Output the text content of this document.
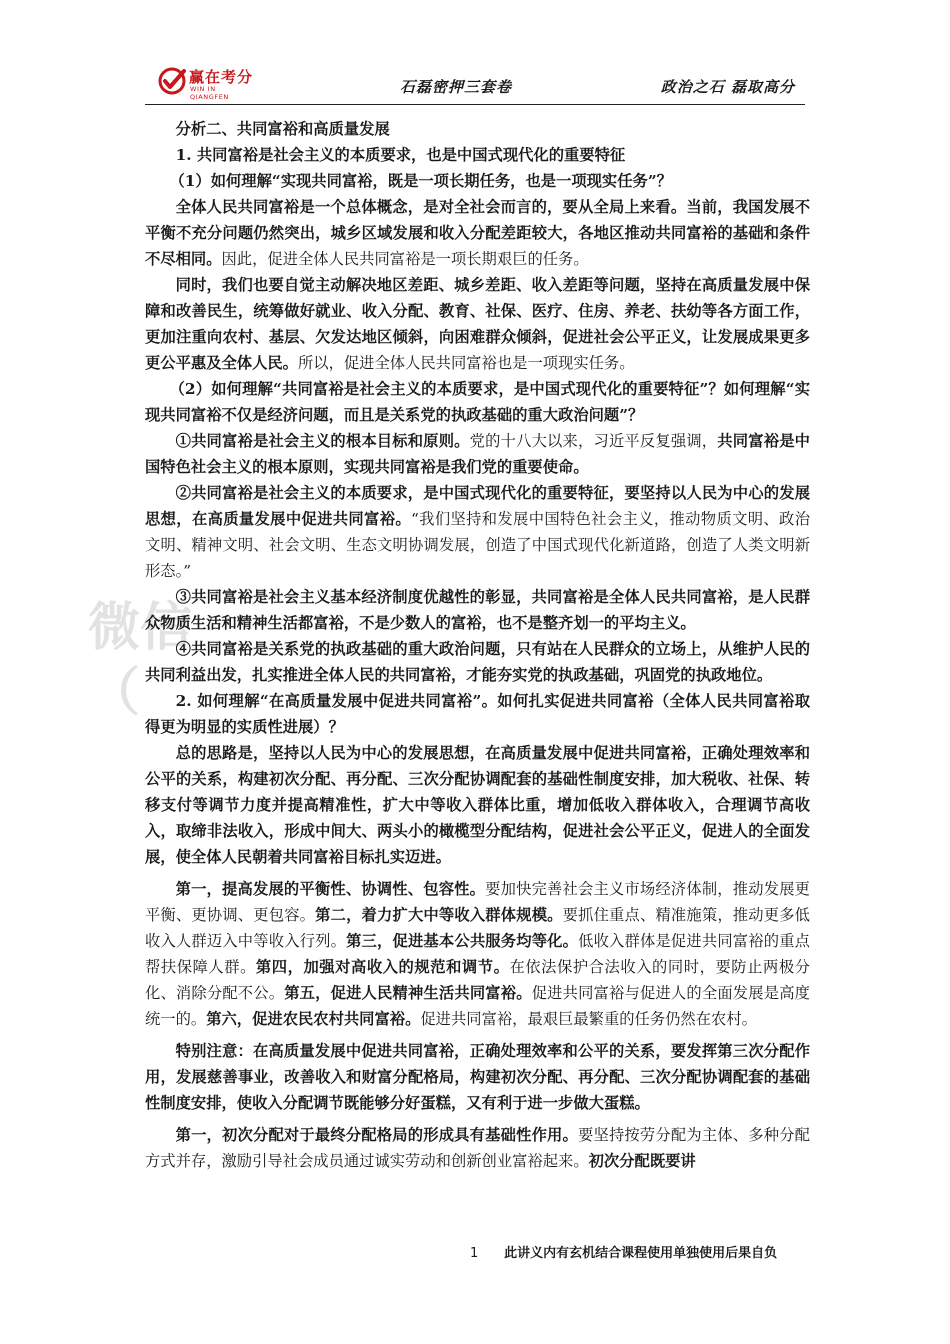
赢在考分
WIN IN QIANGFEN
石磊密押三套卷	政治之石 磊取高分
微信
（

分析二、共同富裕和高质量发展

1. 共同富裕是社会主义的本质要求，也是中国式现代化的重要特征

（1）如何理解“实现共同富裕，既是一项长期任务，也是一项现实任务”？

全体人民共同富裕是一个总体概念，是对全社会而言的，要从全局上来看。当前，我国发展不平衡不充分问题仍然突出，城乡区域发展和收入分配差距较大，各地区推动共同富裕的基础和条件不尽相同。因此，促进全体人民共同富裕是一项长期艰巨的任务。

同时，我们也要自觉主动解决地区差距、城乡差距、收入差距等问题，坚持在高质量发展中保障和改善民生，统筹做好就业、收入分配、教育、社保、医疗、住房、养老、扶幼等各方面工作，更加注重向农村、基层、欠发达地区倾斜，向困难群众倾斜，促进社会公平正义，让发展成果更多更公平惠及全体人民。所以，促进全体人民共同富裕也是一项现实任务。

（2）如何理解“共同富裕是社会主义的本质要求，是中国式现代化的重要特征”？如何理解“实现共同富裕不仅是经济问题，而且是关系党的执政基础的重大政治问题”？

①共同富裕是社会主义的根本目标和原则。党的十八大以来，习近平反复强调，共同富裕是中国特色社会主义的根本原则，实现共同富裕是我们党的重要使命。

②共同富裕是社会主义的本质要求，是中国式现代化的重要特征，要坚持以人民为中心的发展思想，在高质量发展中促进共同富裕。“我们坚持和发展中国特色社会主义，推动物质文明、政治文明、精神文明、社会文明、生态文明协调发展，创造了中国式现代化新道路，创造了人类文明新形态。”

③共同富裕是社会主义基本经济制度优越性的彰显，共同富裕是全体人民共同富裕，是人民群众物质生活和精神生活都富裕，不是少数人的富裕，也不是整齐划一的平均主义。

④共同富裕是关系党的执政基础的重大政治问题，只有站在人民群众的立场上，从维护人民的共同利益出发，扎实推进全体人民的共同富裕，才能夯实党的执政基础，巩固党的执政地位。

2. 如何理解“在高质量发展中促进共同富裕”。如何扎实促进共同富裕（全体人民共同富裕取得更为明显的实质性进展）？

总的思路是，坚持以人民为中心的发展思想，在高质量发展中促进共同富裕，正确处理效率和公平的关系，构建初次分配、再分配、三次分配协调配套的基础性制度安排，加大税收、社保、转移支付等调节力度并提高精准性，扩大中等收入群体比重，增加低收入群体收入，合理调节高收入，取缔非法收入，形成中间大、两头小的橄榄型分配结构，促进社会公平正义，促进人的全面发展，使全体人民朝着共同富裕目标扎实迈进。

第一，提高发展的平衡性、协调性、包容性。要加快完善社会主义市场经济体制，推动发展更平衡、更协调、更包容。第二，着力扩大中等收入群体规模。要抓住重点、精准施策，推动更多低收入人群迈入中等收入行列。第三，促进基本公共服务均等化。低收入群体是促进共同富裕的重点帮扶保障人群。第四，加强对高收入的规范和调节。在依法保护合法收入的同时，要防止两极分化、消除分配不公。第五，促进人民精神生活共同富裕。促进共同富裕与促进人的全面发展是高度统一的。第六，促进农民农村共同富裕。促进共同富裕，最艰巨最繁重的任务仍然在农村。

特别注意：在高质量发展中促进共同富裕，正确处理效率和公平的关系，要发挥第三次分配作用，发展慈善事业，改善收入和财富分配格局，构建初次分配、再分配、三次分配协调配套的基础性制度安排，使收入分配调节既能够分好蛋糕，又有利于进一步做大蛋糕。

第一，初次分配对于最终分配格局的形成具有基础性作用。要坚持按劳分配为主体、多种分配方式并存，激励引导社会成员通过诚实劳动和创新创业富裕起来。初次分配既要讲

1 此讲义内有玄机结合课程使用单独使用后果自负
